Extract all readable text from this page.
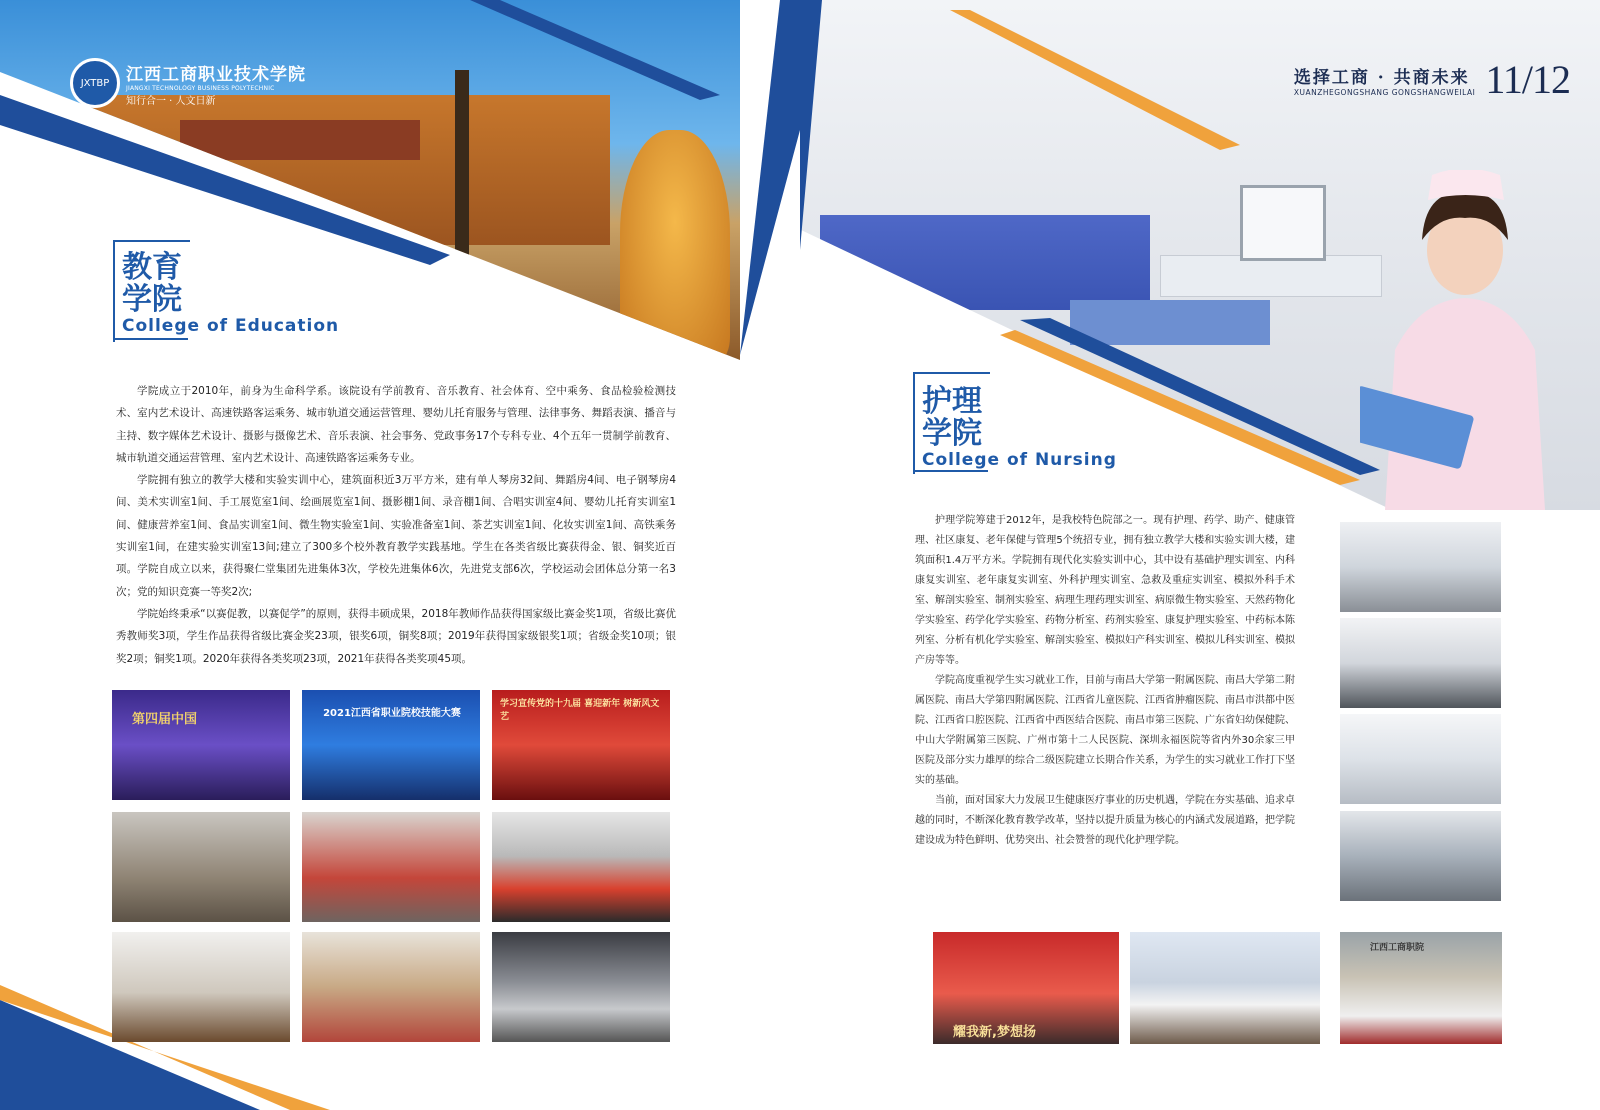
JXTBP 江西工商职业技术学院
JIANGXI TECHNOLOGY BUSINESS POLYTECHNIC
知行合一 · 人文日新
教育
学院
College of Education

学院成立于2010年，前身为生命科学系。该院设有学前教育、音乐教育、社会体育、空中乘务、食品检验检测技术、室内艺术设计、高速铁路客运乘务、城市轨道交通运营管理、婴幼儿托育服务与管理、法律事务、舞蹈表演、播音与主持、数字媒体艺术设计、摄影与摄像艺术、音乐表演、社会事务、党政事务17个专科专业、4个五年一贯制学前教育、城市轨道交通运营管理、室内艺术设计、高速铁路客运乘务专业。

学院拥有独立的教学大楼和实验实训中心，建筑面积近3万平方米，建有单人琴房32间、舞蹈房4间、电子钢琴房4间、美术实训室1间、手工展览室1间、绘画展览室1间、摄影棚1间、录音棚1间、合唱实训室4间、婴幼儿托育实训室1间、健康营养室1间、食品实训室1间、微生物实验室1间、实验准备室1间、茶艺实训室1间、化妆实训室1间、高铁乘务实训室1间，在建实验实训室13间;建立了300多个校外教育教学实践基地。学生在各类省级比赛获得金、银、铜奖近百项。学院自成立以来，获得聚仁堂集团先进集体3次，学校先进集体6次，先进党支部6次，学校运动会团体总分第一名3次；党的知识竞赛一等奖2次;

学院始终秉承“以赛促教，以赛促学”的原则，获得丰硕成果，2018年教师作品获得国家级比赛金奖1项，省级比赛优秀教师奖3项，学生作品获得省级比赛金奖23项，银奖6项，铜奖8项；2019年获得国家级银奖1项；省级金奖10项；银奖2项；铜奖1项。2020年获得各类奖项23项，2021年获得各类奖项45项。

第四届中国	2021江西省职业院校技能大赛
学习宣传党的十九届 喜迎新年 树新风文艺
选择工商 · 共商未来
XUANZHEGONGSHANG GONGSHANGWEILAI 11/12
护理
学院
College of Nursing

护理学院筹建于2012年，是我校特色院部之一。现有护理、药学、助产、健康管理、社区康复、老年保健与管理5个统招专业，拥有独立教学大楼和实验实训大楼，建筑面积1.4万平方米。学院拥有现代化实验实训中心，其中设有基础护理实训室、内科康复实训室、老年康复实训室、外科护理实训室、急救及重症实训室、模拟外科手术室、解剖实验室、制剂实验室、病理生理药理实训室、病原微生物实验室、天然药物化学实验室、药学化学实验室、药物分析室、药剂实验室、康复护理实验室、中药标本陈列室、分析有机化学实验室、解剖实验室、模拟妇产科实训室、模拟儿科实训室、模拟产房等等。

学院高度重视学生实习就业工作，目前与南昌大学第一附属医院、南昌大学第二附属医院、南昌大学第四附属医院、江西省儿童医院、江西省肿瘤医院、南昌市洪都中医院、江西省口腔医院、江西省中西医结合医院、南昌市第三医院、广东省妇幼保健院、中山大学附属第三医院、广州市第十二人民医院、深圳永福医院等省内外30余家三甲医院及部分实力雄厚的综合二级医院建立长期合作关系，为学生的实习就业工作打下坚实的基础。

当前，面对国家大力发展卫生健康医疗事业的历史机遇，学院在夯实基础、追求卓越的同时，不断深化教育教学改革，坚持以提升质量为核心的内涵式发展道路，把学院建设成为特色鲜明、优势突出、社会赞誉的现代化护理学院。

耀我新,梦想扬
江西工商职院
